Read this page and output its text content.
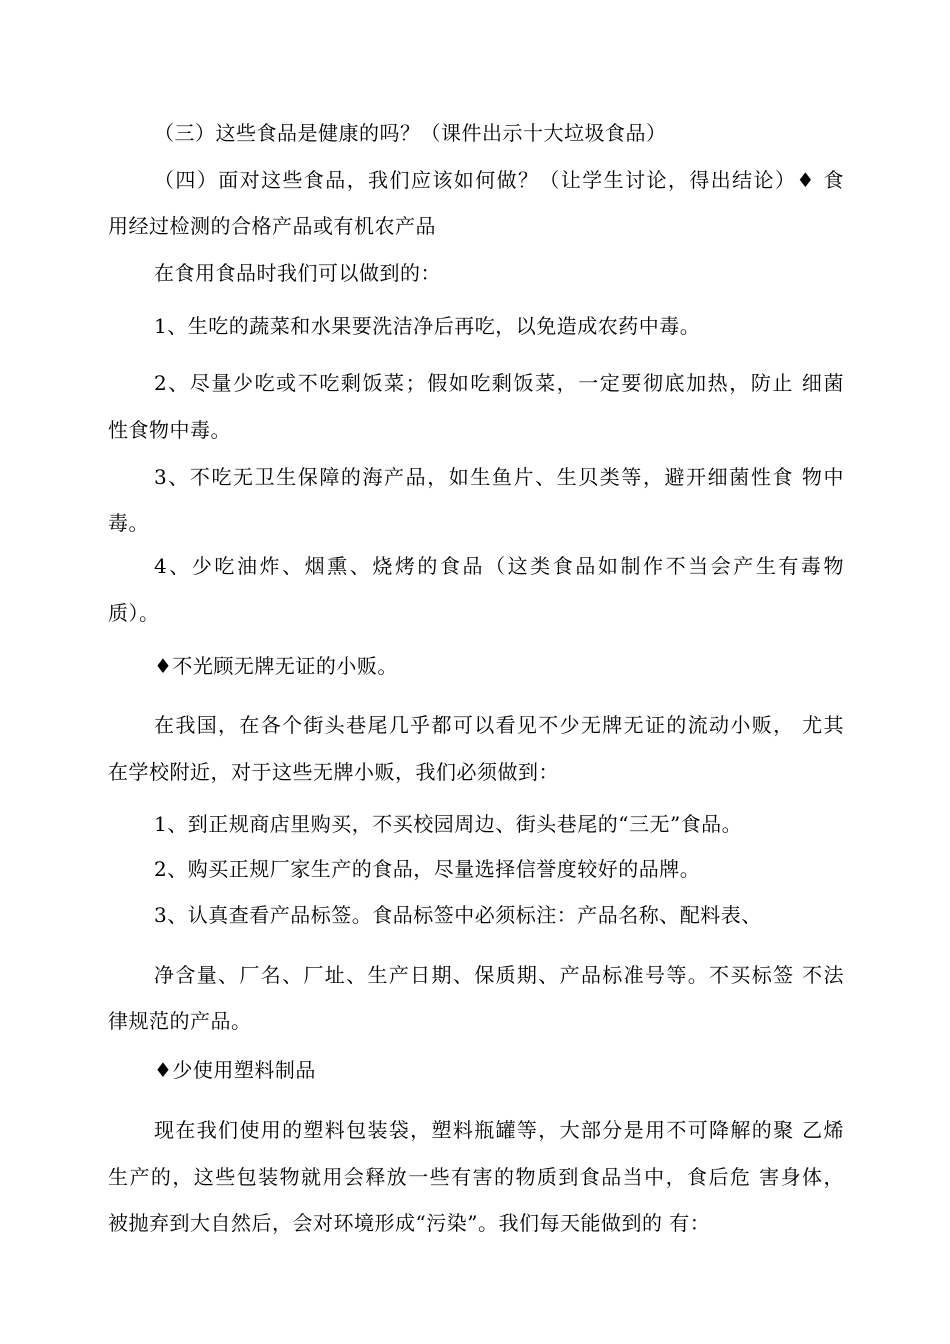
（三）这些食品是健康的吗？（课件出示十大垃圾食品）
（四）面对这些食品，我们应该如何做？（让学生讨论，得出结论）♦ 食
用经过检测的合格产品或有机农产品
在食用食品时我们可以做到的：
1、生吃的蔬菜和水果要洗洁净后再吃，以免造成农药中毒。
2、尽量少吃或不吃剩饭菜；假如吃剩饭菜，一定要彻底加热，防止 细菌
性食物中毒。
3、不吃无卫生保障的海产品，如生鱼片、生贝类等，避开细菌性食 物中
毒。
4、少吃油炸、烟熏、烧烤的食品（这类食品如制作不当会产生有毒物
质）。
♦不光顾无牌无证的小贩。
在我国，在各个街头巷尾几乎都可以看见不少无牌无证的流动小贩， 尤其
在学校附近，对于这些无牌小贩，我们必须做到：
1、到正规商店里购买，不买校园周边、街头巷尾的“三无”食品。
2、购买正规厂家生产的食品，尽量选择信誉度较好的品牌。
3、认真查看产品标签。食品标签中必须标注：产品名称、配料表、
净含量、厂名、厂址、生产日期、保质期、产品标准号等。不买标签 不法
律规范的产品。
♦少使用塑料制品
现在我们使用的塑料包装袋，塑料瓶罐等，大部分是用不可降解的聚 乙烯
生产的，这些包装物就用会释放一些有害的物质到食品当中，食后危 害身体，
被抛弃到大自然后，会对环境形成“污染”。我们每天能做到的 有：
